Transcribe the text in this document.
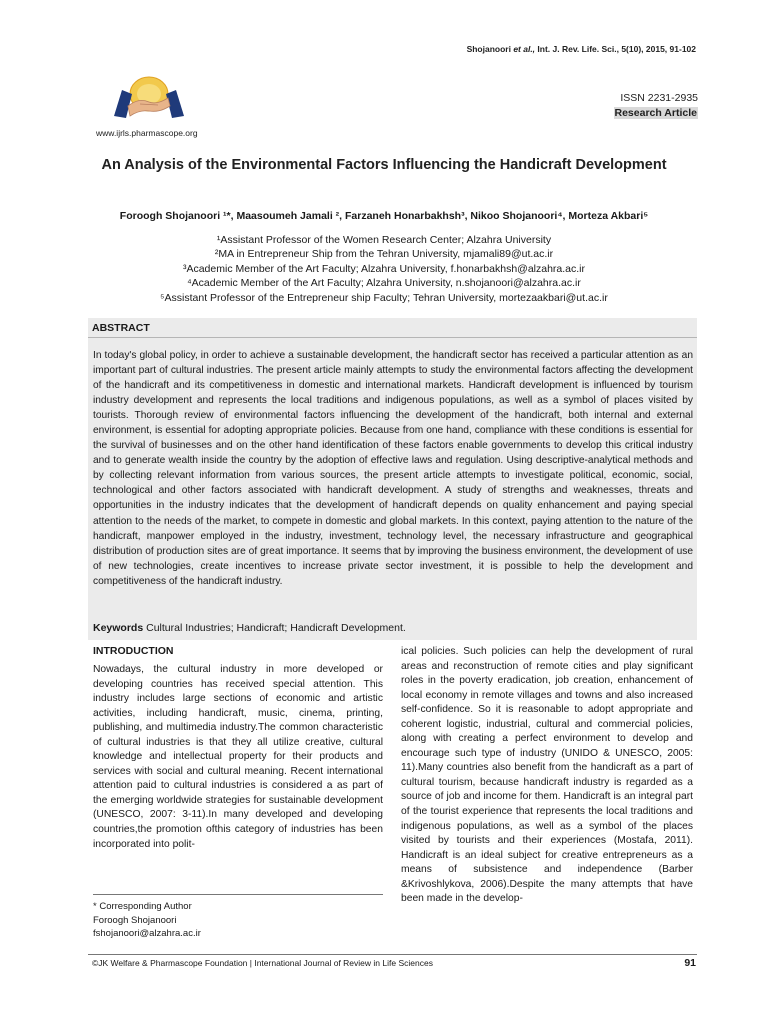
Shojanoori et al., Int. J. Rev. Life. Sci., 5(10), 2015, 91-102
www.ijrls.pharmascope.org
ISSN 2231-2935
Research Article
An Analysis of the Environmental Factors Influencing the Handicraft Development
Foroogh Shojanoori ¹*, Maasoumeh Jamali ², Farzaneh Honarbakhsh³, Nikoo Shojanoori⁴, Morteza Akbari⁵
¹Assistant Professor of the Women Research Center; Alzahra University
²MA in Entrepreneur Ship from the Tehran University, mjamali89@ut.ac.ir
³Academic Member of the Art Faculty; Alzahra University, f.honarbakhsh@alzahra.ac.ir
⁴Academic Member of the Art Faculty; Alzahra University, n.shojanoori@alzahra.ac.ir
⁵Assistant Professor of the Entrepreneur ship Faculty; Tehran University, mortezaakbari@ut.ac.ir
ABSTRACT
In today's global policy, in order to achieve a sustainable development, the handicraft sector has received a particular attention as an important part of cultural industries. The present article mainly attempts to study the environmental factors affecting the development of the handicraft and its competitiveness in domestic and international markets. Handicraft development is influenced by tourism industry development and represents the local traditions and indigenous populations, as well as a symbol of places visited by tourists. Thorough review of environmental factors influencing the development of the handicraft, both internal and external environment, is essential for adopting appropriate policies. Because from one hand, compliance with these conditions is essential for the survival of businesses and on the other hand identification of these factors enable governments to develop this critical industry and to generate wealth inside the country by the adoption of effective laws and regulation. Using descriptive-analytical methods and by collecting relevant information from various sources, the present article attempts to investigate political, economic, social, technological and other factors associated with handicraft development. A study of strengths and weaknesses, threats and opportunities in the industry indicates that the development of handicraft depends on quality enhancement and paying special attention to the needs of the market, to compete in domestic and global markets. In this context, paying attention to the nature of the handicraft, manpower employed in the industry, investment, technology level, the necessary infrastructure and geographical distribution of production sites are of great importance. It seems that by improving the business environment, the development of use of new technologies, create incentives to increase private sector investment, it is possible to help the development and competitiveness of the handicraft industry.
Keywords Cultural Industries; Handicraft; Handicraft Development.
INTRODUCTION

Nowadays, the cultural industry in more developed or developing countries has received special attention. This industry includes large sections of economic and artistic activities, including handicraft, music, cinema, printing, publishing, and multimedia industry.The common characteristic of cultural industries is that they all utilize creative, cultural knowledge and intellectual property for their products and services with social and cultural meaning. Recent international attention paid to cultural industries is considered a as part of the emerging worldwide strategies for sustainable development (UNESCO, 2007: 3-11).In many developed and developing countries,the promotion ofthis category of industries has been incorporated into polit-

ical policies. Such policies can help the development of rural areas and reconstruction of remote cities and play significant roles in the poverty eradication, job creation, enhancement of local economy in remote villages and towns and also increased self-confidence. So it is reasonable to adopt appropriate and coherent logistic, industrial, cultural and commercial policies, along with creating a perfect environment to develop and encourage such type of industry (UNIDO & UNESCO, 2005: 11).Many countries also benefit from the handicraft as a part of cultural tourism, because handicraft industry is regarded as a source of job and income for them. Handicraft is an integral part of the tourist experience that represents the local traditions and indigenous populations, as well as a symbol of the places visited by tourists and their experiences (Mostafa, 2011). Handicraft is an ideal subject for creative entrepreneurs as a means of subsistence and independence (Barber &Krivoshlykova, 2006).Despite the many attempts that have been made in the develop-

* Corresponding Author
Foroogh Shojanoori
fshojanoori@alzahra.ac.ir
©JK Welfare & Pharmascope Foundation | International Journal of Review in Life Sciences	91
